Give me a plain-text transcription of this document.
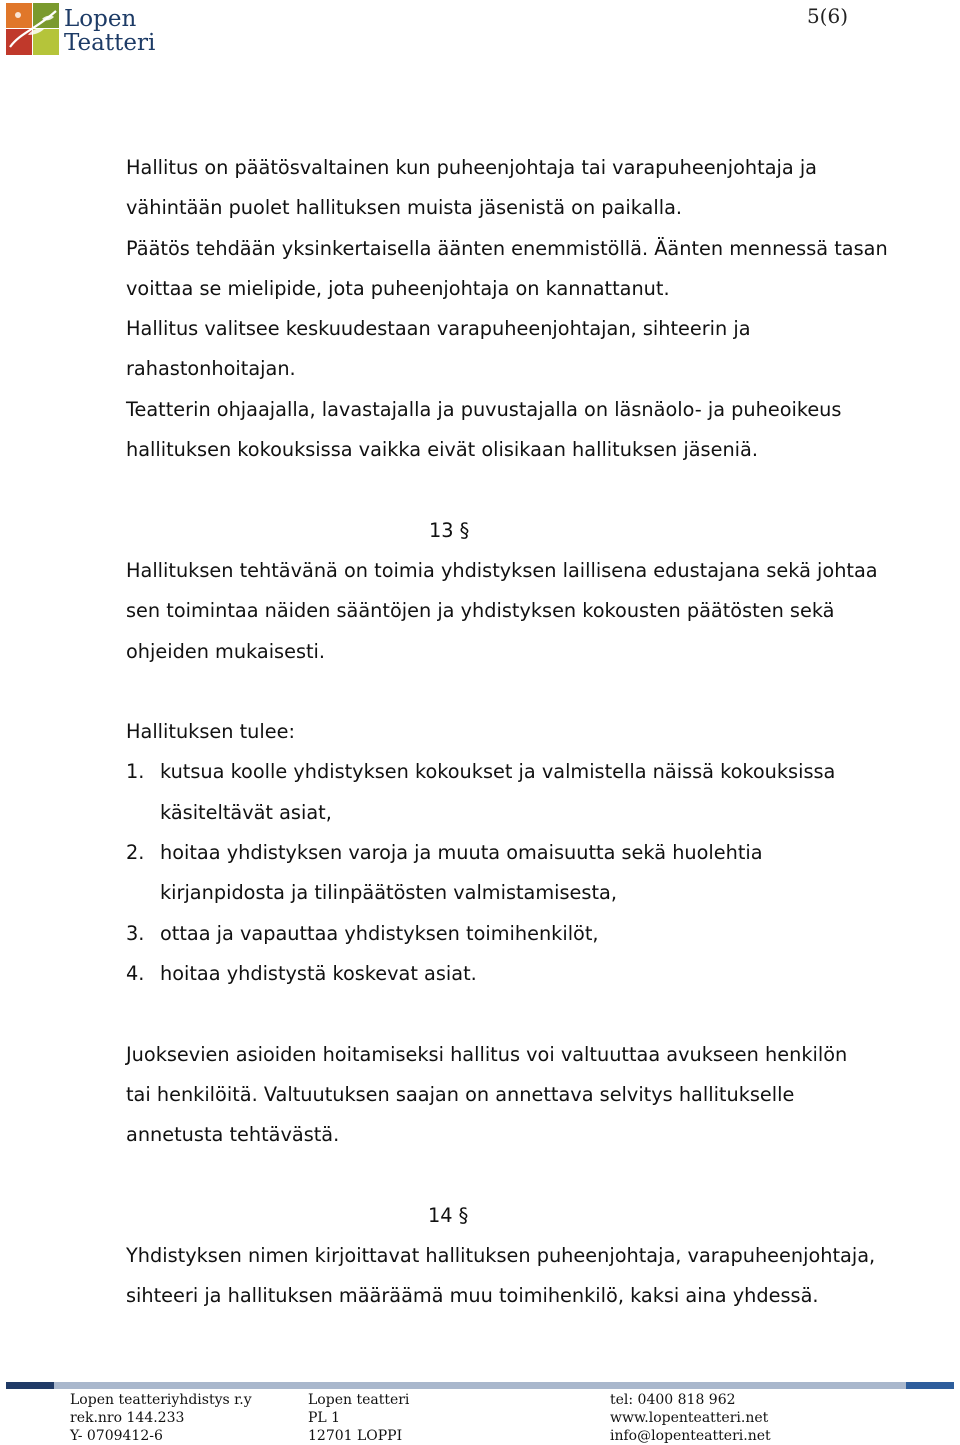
Lopen
Teatteri
5(6)
Hallitus on päätösvaltainen kun puheenjohtaja tai varapuheenjohtaja ja
vähintään puolet hallituksen muista jäsenistä on paikalla.
Päätös tehdään yksinkertaisella äänten enemmistöllä. Äänten mennessä tasan
voittaa se mielipide, jota puheenjohtaja on kannattanut.
Hallitus valitsee keskuudestaan varapuheenjohtajan, sihteerin ja
rahastonhoitajan.
Teatterin ohjaajalla, lavastajalla ja puvustajalla on läsnäolo- ja puheoikeus
hallituksen kokouksissa vaikka eivät olisikaan hallituksen jäseniä.
13 §
Hallituksen tehtävänä on toimia yhdistyksen laillisena edustajana sekä johtaa
sen toimintaa näiden sääntöjen ja yhdistyksen kokousten päätösten sekä
ohjeiden mukaisesti.
Hallituksen tulee:
1. kutsua koolle yhdistyksen kokoukset ja valmistella näissä kokouksissa
käsiteltävät asiat,
2. hoitaa yhdistyksen varoja ja muuta omaisuutta sekä huolehtia
kirjanpidosta ja tilinpäätösten valmistamisesta,
3. ottaa ja vapauttaa yhdistyksen toimihenkilöt,
4. hoitaa yhdistystä koskevat asiat.
Juoksevien asioiden hoitamiseksi hallitus voi valtuuttaa avukseen henkilön
tai henkilöitä. Valtuutuksen saajan on annettava selvitys hallitukselle
annetusta tehtävästä.
14 §
Yhdistyksen nimen kirjoittavat hallituksen puheenjohtaja, varapuheenjohtaja,
sihteeri ja hallituksen määräämä muu toimihenkilö, kaksi aina yhdessä.
Lopen teatteriyhdistys r.y
rek.nro 144.233
Y- 0709412-6
Lopen teatteri
PL 1
12701 LOPPI
tel: 0400 818 962
www.lopenteatteri.net
info@lopenteatteri.net
